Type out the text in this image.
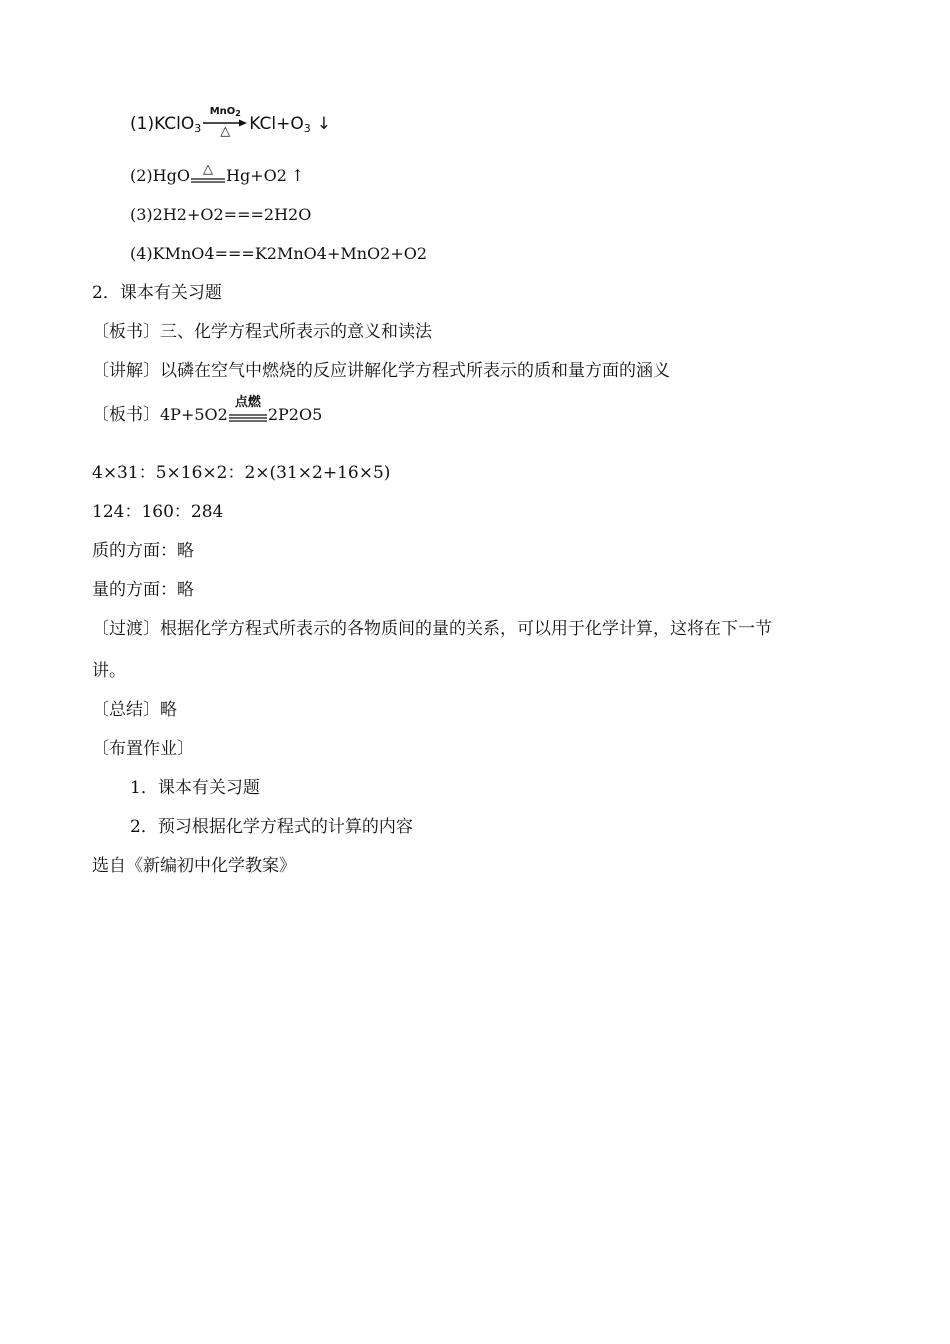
(1)KClO$_3$
MnO$_2$
△	$KCl+O_3$ ↓
(2)HgO	△ Hg+O2 ↑
(3)2H2+O2===2H2O
(4)KMnO4===K2MnO4+MnO2+O2
2．课本有关习题
〔板书〕三、化学方程式所表示的意义和读法
〔讲解〕以磷在空气中燃烧的反应讲解化学方程式所表示的质和量方面的涵义
〔板书〕4P+5O2
点燃
2P2O5
4×31：5×16×2：2×(31×2+16×5)
124：160：284
质的方面：略
量的方面：略
〔过渡〕根据化学方程式所表示的各物质间的量的关系，可以用于化学计算，这将在下一节
讲。
〔总结〕略
〔布置作业〕
1．课本有关习题
2．预习根据化学方程式的计算的内容
选自《新编初中化学教案》
